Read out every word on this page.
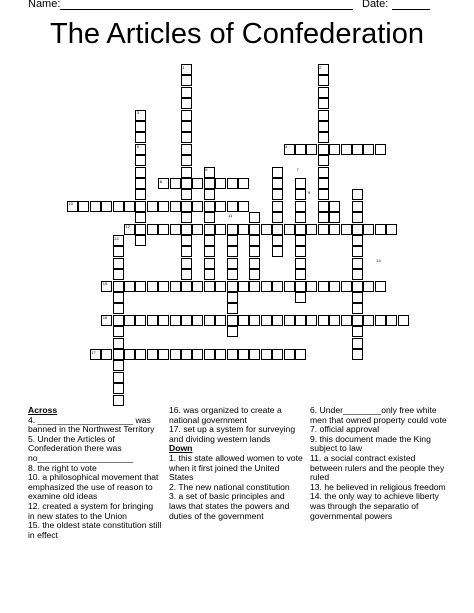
Name:	Date:
The Articles of Confederation
1	2
3
4
5
6	7
8
9
10
11
12
13
14
15
16
17
Across
4. ____________________ was banned in the Northwest Territory
5. Under the Articles of Confederation there was no____________________
8. the right to vote
10. a philosophical movement that emphasized the use of reason to examine old ideas
12. created a system for bringing in new states to the Union
15. the oldest state constitution still in effect
16. was organized to create a national government
17. set up a system for surveying and dividing western lands
Down
1. this state allowed women to vote when it first joined the United States
2. The new national constitution
3. a set of basic principles and laws that states the powers and duties of the government
6. Under________only free white men that owned property could vote
7. official approval
9. this document made the King subject to law
11. a social contract existed between rulers and the people they ruled
13. he believed in religious freedom
14. the only way to achieve liberty was through the separatio of governmental powers
